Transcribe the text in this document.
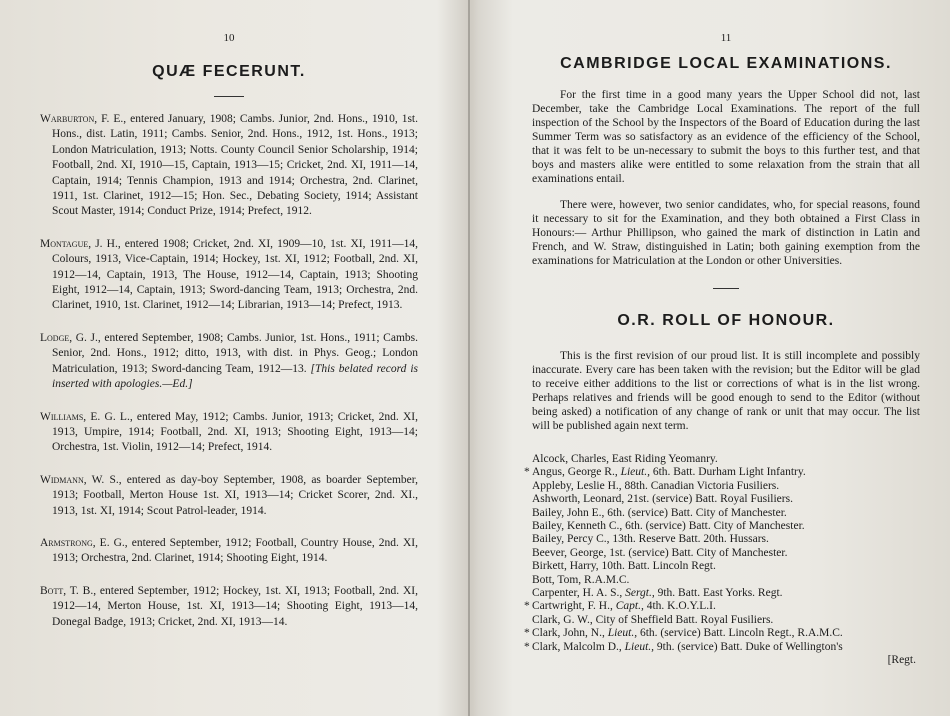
10
QUÆ FECERUNT.

Warburton, F. E., entered January, 1908; Cambs. Junior, 2nd. Hons., 1910, 1st. Hons., dist. Latin, 1911; Cambs. Senior, 2nd. Hons., 1912, 1st. Hons., 1913; London Matriculation, 1913; Notts. County Council Senior Scholarship, 1914; Football, 2nd. XI, 1910—15, Captain, 1913—15; Cricket, 2nd. XI, 1911—14, Captain, 1914; Tennis Champion, 1913 and 1914; Orchestra, 2nd. Clarinet, 1911, 1st. Clarinet, 1912—15; Hon. Sec., Debating Society, 1914; Assistant Scout Master, 1914; Conduct Prize, 1914; Prefect, 1912.

Montague, J. H., entered 1908; Cricket, 2nd. XI, 1909—10, 1st. XI, 1911—14, Colours, 1913, Vice-Captain, 1914; Hockey, 1st. XI, 1912; Football, 2nd. XI, 1912—14, Captain, 1913, The House, 1912—14, Captain, 1913; Shooting Eight, 1912—14, Captain, 1913; Sword-dancing Team, 1913; Orchestra, 2nd. Clarinet, 1910, 1st. Clarinet, 1912—14; Librarian, 1913—14; Prefect, 1913.

Lodge, G. J., entered September, 1908; Cambs. Junior, 1st. Hons., 1911; Cambs. Senior, 2nd. Hons., 1912; ditto, 1913, with dist. in Phys. Geog.; London Matriculation, 1913; Sword-dancing Team, 1912—13. [This belated record is inserted with apologies.—Ed.]

Williams, E. G. L., entered May, 1912; Cambs. Junior, 1913; Cricket, 2nd. XI, 1913, Umpire, 1914; Football, 2nd. XI, 1913; Shooting Eight, 1913—14; Orchestra, 1st. Violin, 1912—14; Prefect, 1914.

Widmann, W. S., entered as day-boy September, 1908, as boarder September, 1913; Football, Merton House 1st. XI, 1913—14; Cricket Scorer, 2nd. XI., 1913, 1st. XI, 1914; Scout Patrol-leader, 1914.

Armstrong, E. G., entered September, 1912; Football, Country House, 2nd. XI, 1913; Orchestra, 2nd. Clarinet, 1914; Shooting Eight, 1914.

Bott, T. B., entered September, 1912; Hockey, 1st. XI, 1913; Football, 2nd. XI, 1912—14, Merton House, 1st. XI, 1913—14; Shooting Eight, 1913—14, Donegal Badge, 1913; Cricket, 2nd. XI, 1913—14.

11
CAMBRIDGE LOCAL EXAMINATIONS.

For the first time in a good many years the Upper School did not, last December, take the Cambridge Local Examinations. The report of the full inspection of the School by the Inspectors of the Board of Education during the last Summer Term was so satisfactory as an evidence of the efficiency of the School, that it was felt to be un-necessary to submit the boys to this further test, and that boys and masters alike were entitled to some relaxation from the strain that all examinations entail.

There were, however, two senior candidates, who, for special reasons, found it necessary to sit for the Examination, and they both obtained a First Class in Honours:— Arthur Phillipson, who gained the mark of distinction in Latin and French, and W. Straw, distinguished in Latin; both gaining exemption from the examinations for Matriculation at the London or other Universities.

O.R. ROLL OF HONOUR.

This is the first revision of our proud list. It is still incomplete and possibly inaccurate. Every care has been taken with the revision; but the Editor will be glad to receive either additions to the list or corrections of what is in the list wrong. Perhaps relatives and friends will be good enough to send to the Editor (without being asked) a notification of any change of rank or unit that may occur. The list will be published again next term.

Alcock, Charles, East Riding Yeomanry.
* Angus, George R., Lieut., 6th. Batt. Durham Light Infantry.
Appleby, Leslie H., 88th. Canadian Victoria Fusiliers.
Ashworth, Leonard, 21st. (service) Batt. Royal Fusiliers.
Bailey, John E., 6th. (service) Batt. City of Manchester.
Bailey, Kenneth C., 6th. (service) Batt. City of Manchester.
Bailey, Percy C., 13th. Reserve Batt. 20th. Hussars.
Beever, George, 1st. (service) Batt. City of Manchester.
Birkett, Harry, 10th. Batt. Lincoln Regt.
Bott, Tom, R.A.M.C.
Carpenter, H. A. S., Sergt., 9th. Batt. East Yorks. Regt.
* Cartwright, F. H., Capt., 4th. K.O.Y.L.I.
Clark, G. W., City of Sheffield Batt. Royal Fusiliers.
* Clark, John, N., Lieut., 6th. (service) Batt. Lincoln Regt., R.A.M.C.
* Clark, Malcolm D., Lieut., 9th. (service) Batt. Duke of Wellington's
[Regt.
